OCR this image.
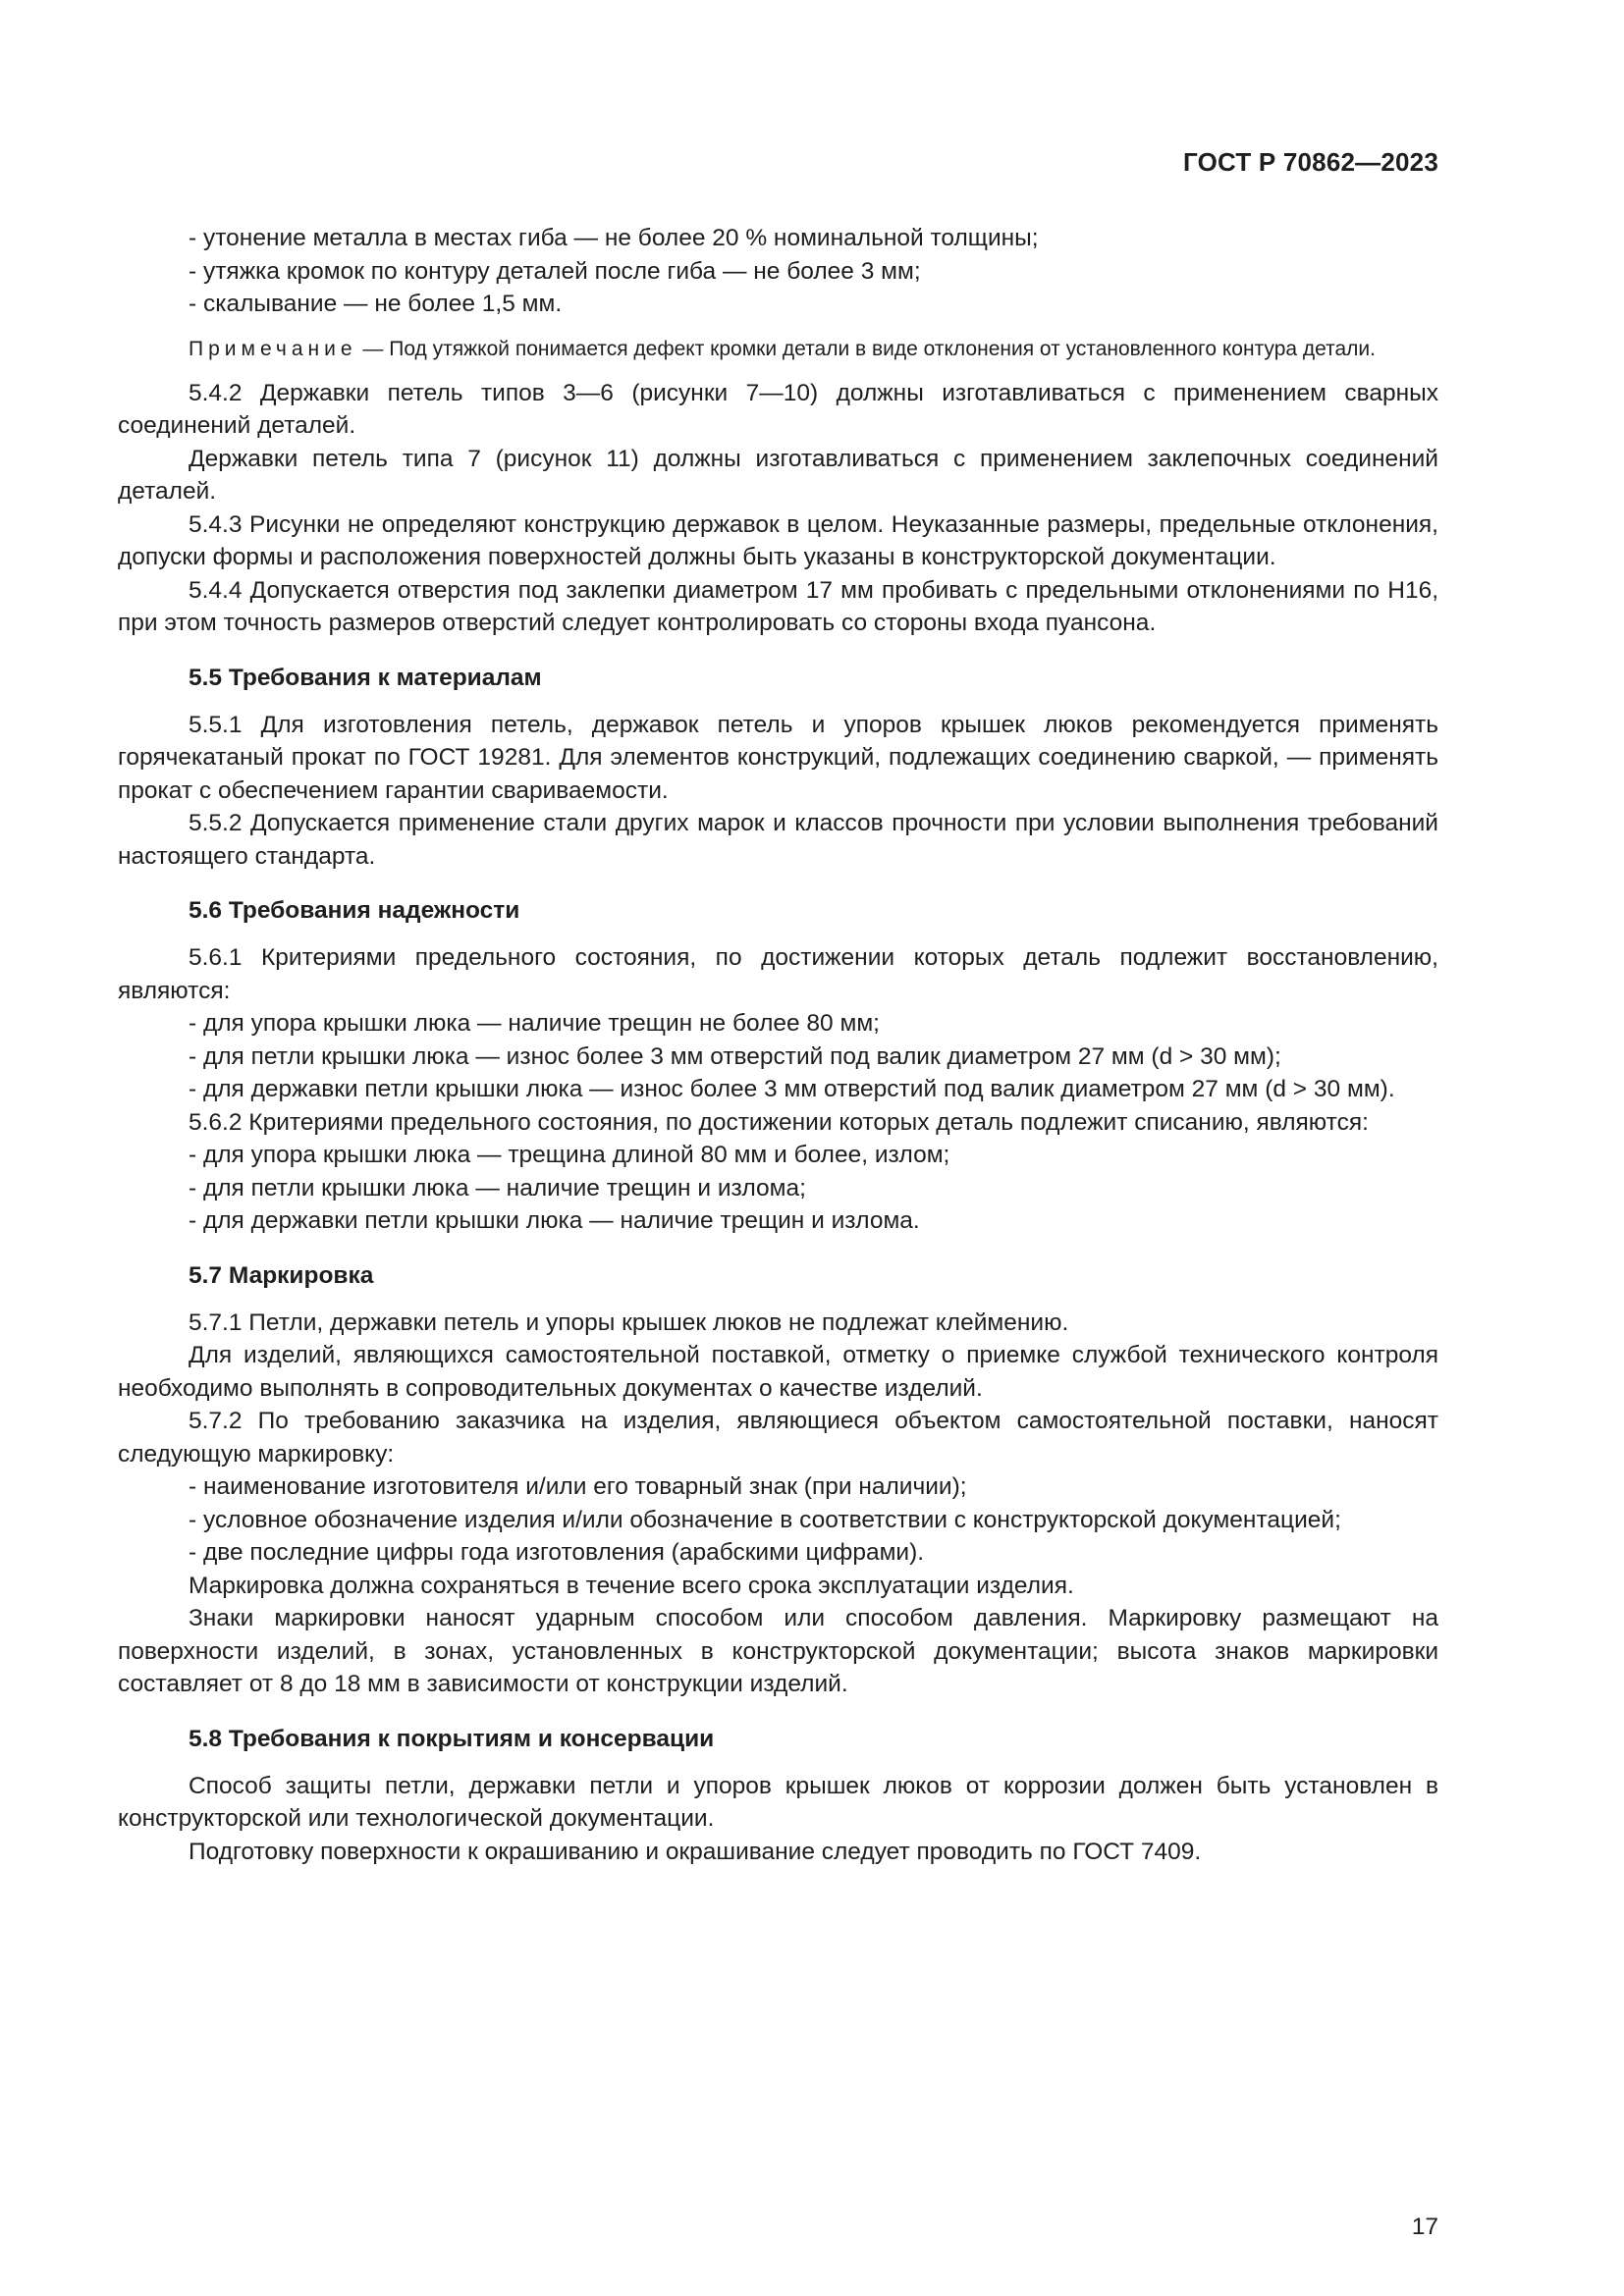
ГОСТ Р 70862—2023

- утонение металла в местах гиба — не более 20 % номинальной толщины;

- утяжка кромок по контуру деталей после гиба — не более 3 мм;

- скалывание — не более 1,5 мм.

Примечание — Под утяжкой понимается дефект кромки детали в виде отклонения от установленного контура детали.

5.4.2 Державки петель типов 3—6 (рисунки 7—10) должны изготавливаться с применением сварных соединений деталей.

Державки петель типа 7 (рисунок 11) должны изготавливаться с применением заклепочных соединений деталей.

5.4.3 Рисунки не определяют конструкцию державок в целом. Неуказанные размеры, предельные отклонения, допуски формы и расположения поверхностей должны быть указаны в конструкторской документации.

5.4.4 Допускается отверстия под заклепки диаметром 17 мм пробивать с предельными отклонениями по Н16, при этом точность размеров отверстий следует контролировать со стороны входа пуансона.

5.5 Требования к материалам

5.5.1 Для изготовления петель, державок петель и упоров крышек люков рекомендуется применять горячекатаный прокат по ГОСТ 19281. Для элементов конструкций, подлежащих соединению сваркой, — применять прокат с обеспечением гарантии свариваемости.

5.5.2 Допускается применение стали других марок и классов прочности при условии выполнения требований настоящего стандарта.

5.6 Требования надежности

5.6.1 Критериями предельного состояния, по достижении которых деталь подлежит восстановлению, являются:

- для упора крышки люка — наличие трещин не более 80 мм;

- для петли крышки люка — износ более 3 мм отверстий под валик диаметром 27 мм (d > 30 мм);

- для державки петли крышки люка — износ более 3 мм отверстий под валик диаметром 27 мм (d > 30 мм).

5.6.2 Критериями предельного состояния, по достижении которых деталь подлежит списанию, являются:

- для упора крышки люка — трещина длиной 80 мм и более, излом;

- для петли крышки люка — наличие трещин и излома;

- для державки петли крышки люка — наличие трещин и излома.

5.7 Маркировка

5.7.1 Петли, державки петель и упоры крышек люков не подлежат клеймению.

Для изделий, являющихся самостоятельной поставкой, отметку о приемке службой технического контроля необходимо выполнять в сопроводительных документах о качестве изделий.

5.7.2 По требованию заказчика на изделия, являющиеся объектом самостоятельной поставки, наносят следующую маркировку:

- наименование изготовителя и/или его товарный знак (при наличии);

- условное обозначение изделия и/или обозначение в соответствии с конструкторской документацией;

- две последние цифры года изготовления (арабскими цифрами).

Маркировка должна сохраняться в течение всего срока эксплуатации изделия.

Знаки маркировки наносят ударным способом или способом давления. Маркировку размещают на поверхности изделий, в зонах, установленных в конструкторской документации; высота знаков маркировки составляет от 8 до 18 мм в зависимости от конструкции изделий.

5.8 Требования к покрытиям и консервации

Способ защиты петли, державки петли и упоров крышек люков от коррозии должен быть установлен в конструкторской или технологической документации.

Подготовку поверхности к окрашиванию и окрашивание следует проводить по ГОСТ 7409.

17
